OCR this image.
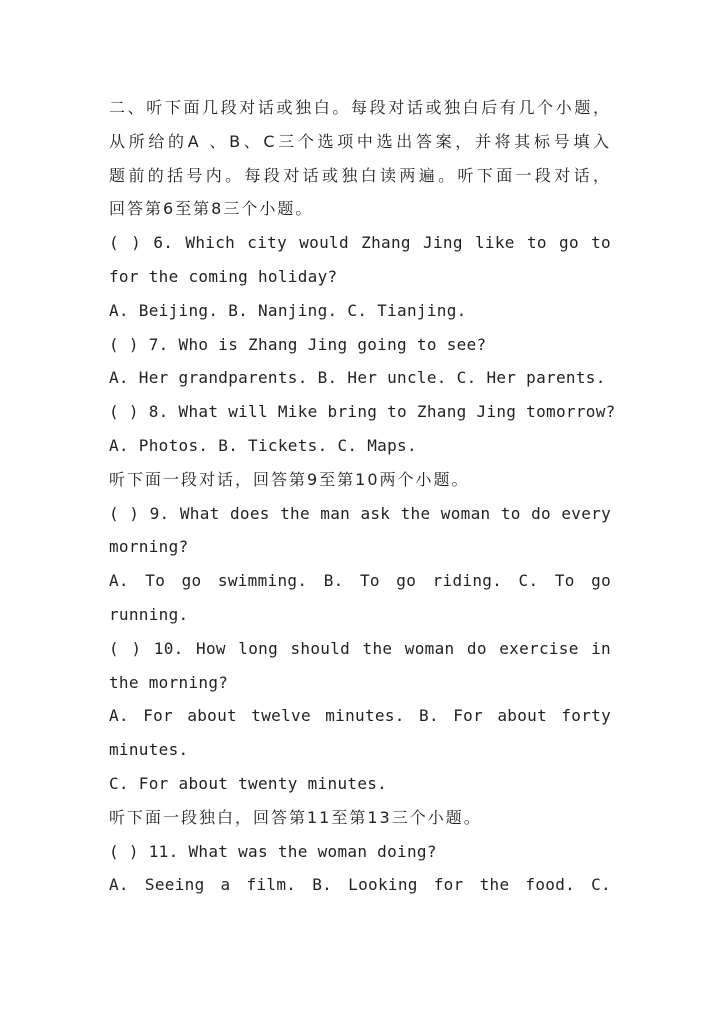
二、听下面几段对话或独白。每段对话或独白后有几个小题，
从所给的A 、B、C三个选项中选出答案，并将其标号填入
题前的括号内。每段对话或独白读两遍。听下面一段对话，
回答第6至第8三个小题。
( ) 6. Which city would Zhang Jing like to go to
for the coming holiday?
A. Beijing. B. Nanjing. C. Tianjing.
( ) 7. Who is Zhang Jing going to see?
A. Her grandparents. B. Her uncle. C. Her parents.
( ) 8. What will Mike bring to Zhang Jing tomorrow?
A. Photos. B. Tickets. C. Maps.
听下面一段对话，回答第9至第10两个小题。
( ) 9. What does the man ask the woman to do every
morning?
A. To go swimming. B. To go riding. C. To go
running.
( ) 10. How long should the woman do exercise in
the morning?
A. For about twelve minutes. B. For about forty
minutes.
C. For about twenty minutes.
听下面一段独白，回答第11至第13三个小题。
( ) 11. What was the woman doing?
A. Seeing a film. B. Looking for the food. C.
